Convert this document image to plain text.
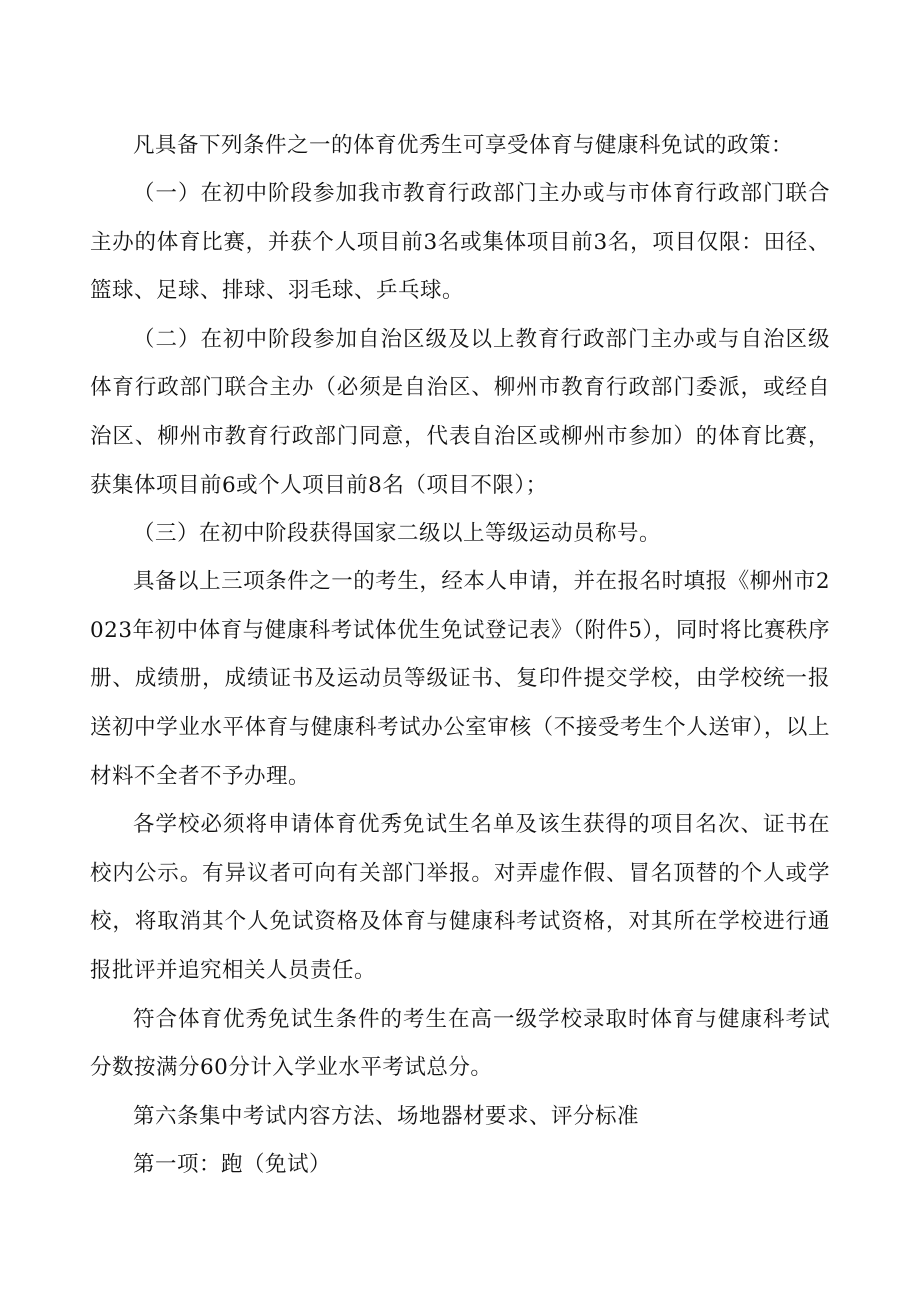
凡具备下列条件之一的体育优秀生可享受体育与健康科免试的政策：

（一）在初中阶段参加我市教育行政部门主办或与市体育行政部门联合主办的体育比赛，并获个人项目前3名或集体项目前3名，项目仅限：田径、篮球、足球、排球、羽毛球、乒乓球。

（二）在初中阶段参加自治区级及以上教育行政部门主办或与自治区级体育行政部门联合主办（必须是自治区、柳州市教育行政部门委派，或经自治区、柳州市教育行政部门同意，代表自治区或柳州市参加）的体育比赛，获集体项目前6或个人项目前8名（项目不限）；

（三）在初中阶段获得国家二级以上等级运动员称号。

具备以上三项条件之一的考生，经本人申请，并在报名时填报《柳州市2023年初中体育与健康科考试体优生免试登记表》（附件5），同时将比赛秩序册、成绩册，成绩证书及运动员等级证书、复印件提交学校，由学校统一报送初中学业水平体育与健康科考试办公室审核（不接受考生个人送审），以上材料不全者不予办理。

各学校必须将申请体育优秀免试生名单及该生获得的项目名次、证书在校内公示。有异议者可向有关部门举报。对弄虚作假、冒名顶替的个人或学校，将取消其个人免试资格及体育与健康科考试资格，对其所在学校进行通报批评并追究相关人员责任。

符合体育优秀免试生条件的考生在高一级学校录取时体育与健康科考试分数按满分60分计入学业水平考试总分。

第六条集中考试内容方法、场地器材要求、评分标准

第一项：跑（免试）
